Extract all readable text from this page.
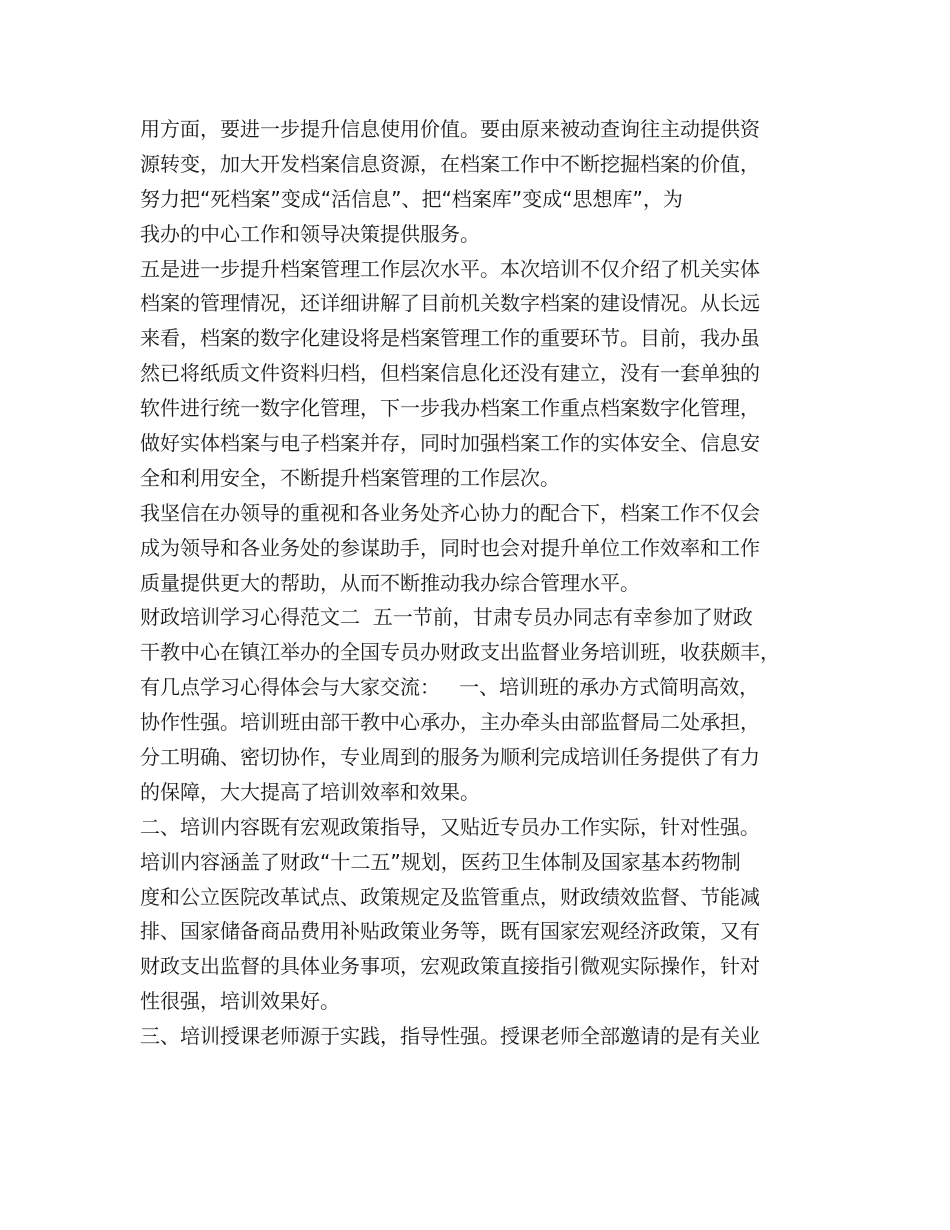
用方面，要进一步提升信息使用价值。要由原来被动查询往主动提供资
源转变，加大开发档案信息资源，在档案工作中不断挖掘档案的价值，
努力把“死档案”变成“活信息”、把“档案库”变成“思想库”，为
我办的中心工作和领导决策提供服务。
五是进一步提升档案管理工作层次水平。本次培训不仅介绍了机关实体
档案的管理情况，还详细讲解了目前机关数字档案的建设情况。从长远
来看，档案的数字化建设将是档案管理工作的重要环节。目前，我办虽
然已将纸质文件资料归档，但档案信息化还没有建立，没有一套单独的
软件进行统一数字化管理，下一步我办档案工作重点档案数字化管理，
做好实体档案与电子档案并存，同时加强档案工作的实体安全、信息安
全和利用安全，不断提升档案管理的工作层次。
我坚信在办领导的重视和各业务处齐心协力的配合下，档案工作不仅会
成为领导和各业务处的参谋助手，同时也会对提升单位工作效率和工作
质量提供更大的帮助，从而不断推动我办综合管理水平。
财政培训学习心得范文二  五一节前，甘肃专员办同志有幸参加了财政
干教中心在镇江举办的全国专员办财政支出监督业务培训班，收获颇丰，
有几点学习心得体会与大家交流：   一、培训班的承办方式简明高效，
协作性强。培训班由部干教中心承办，主办牵头由部监督局二处承担，
分工明确、密切协作，专业周到的服务为顺利完成培训任务提供了有力
的保障，大大提高了培训效率和效果。
二、培训内容既有宏观政策指导，又贴近专员办工作实际，针对性强。
培训内容涵盖了财政“十二五”规划，医药卫生体制及国家基本药物制
度和公立医院改革试点、政策规定及监管重点，财政绩效监督、节能减
排、国家储备商品费用补贴政策业务等，既有国家宏观经济政策，又有
财政支出监督的具体业务事项，宏观政策直接指引微观实际操作，针对
性很强，培训效果好。
三、培训授课老师源于实践，指导性强。授课老师全部邀请的是有关业
